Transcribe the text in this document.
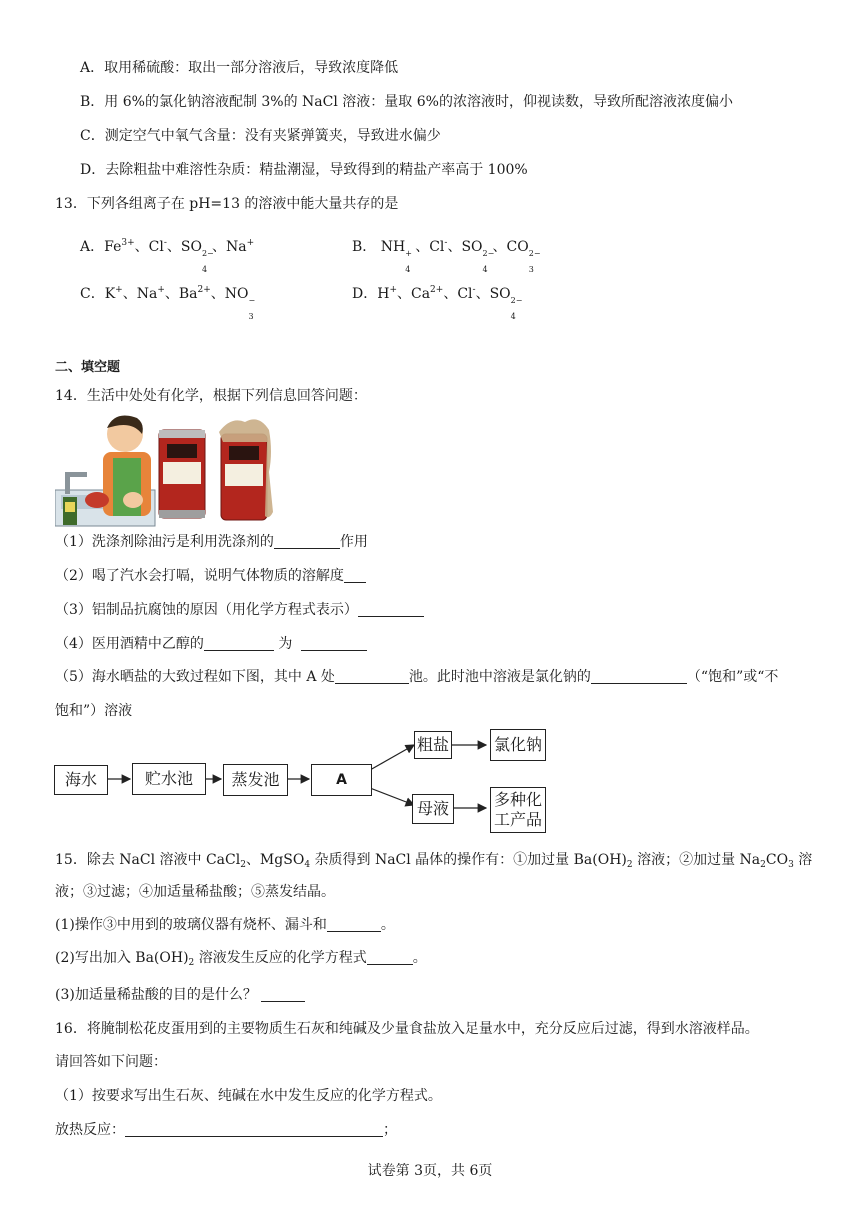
A．取用稀硫酸：取出一部分溶液后，导致浓度降低
B．用 6%的氯化钠溶液配制 3%的 NaCl 溶液：量取 6%的浓溶液时，仰视读数，导致所配溶液浓度偏小
C．测定空气中氧气含量：没有夹紧弹簧夹，导致进水偏少
D．去除粗盐中难溶性杂质：精盐潮湿，导致得到的精盐产率高于 100%
13．下列各组离子在 pH=13 的溶液中能大量共存的是
A．$Fe^{3+}$、Cl-、SO 2−
4
、Na+	B． NH +
4
、Cl-、SO 2−
4
、CO 2−
3
C．K+、Na+、$Ba^{2+}$、NO −
3
D．H+、$Ca^{2+}$、Cl-、SO 2−
4
二、填空题
14．生活中处处有化学，根据下列信息回答问题：
（1）洗涤剂除油污是利用洗涤剂的	作用
（2）喝了汽水会打嗝，说明气体物质的溶解度
（3）铝制品抗腐蚀的原因（用化学方程式表示）
（4）医用酒精中乙醇的	为
（5）海水晒盐的大致过程如下图，其中 A 处	池。此时池中溶液是氯化钠的	（“饱和”或“不
饱和”）溶液
海水	贮水池	蒸发池	A
粗盐	氯化钠
母液	多种化
工产品
15．除去 NaCl 溶液中 CaCl$_2$、MgSO$_4$ 杂质得到 NaCl 晶体的操作有：①加过量 $Ba(OH)_2$ 溶液；②加过量 $Na_2CO_3$ 溶
液；③过滤；④加适量稀盐酸；⑤蒸发结晶。
(1)操作③中用到的玻璃仪器有烧杯、漏斗和	。
(2)写出加入 $Ba(OH)_2$ 溶液发生反应的化学方程式	。
(3)加适量稀盐酸的目的是什么？
16．将腌制松花皮蛋用到的主要物质生石灰和纯碱及少量食盐放入足量水中，充分反应后过滤，得到水溶液样品。
请回答如下问题：
（1）按要求写出生石灰、纯碱在水中发生反应的化学方程式。
放热反应：	；
试卷第 3页，共 6页
